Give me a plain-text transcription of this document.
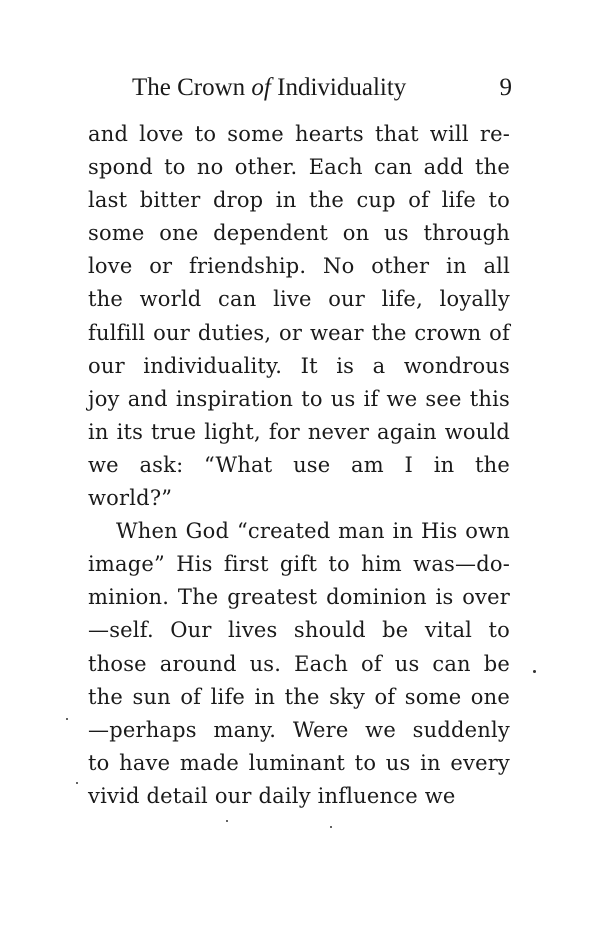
The Crown of Individuality	9
and love to some hearts that will re-
spond to no other. Each can add the
last bitter drop in the cup of life to
some one dependent on us through
love or friendship. No other in all
the world can live our life, loyally
fulfill our duties, or wear the crown of
our individuality. It is a wondrous
joy and inspiration to us if we see this
in its true light, for never again would
we ask: “What use am I in the
world?”
When God “created man in His own
image” His first gift to him was—do-
minion. The greatest dominion is over
—self. Our lives should be vital to
those around us. Each of us can be
the sun of life in the sky of some one
—perhaps many. Were we suddenly
to have made luminant to us in every
vivid detail our daily influence we
